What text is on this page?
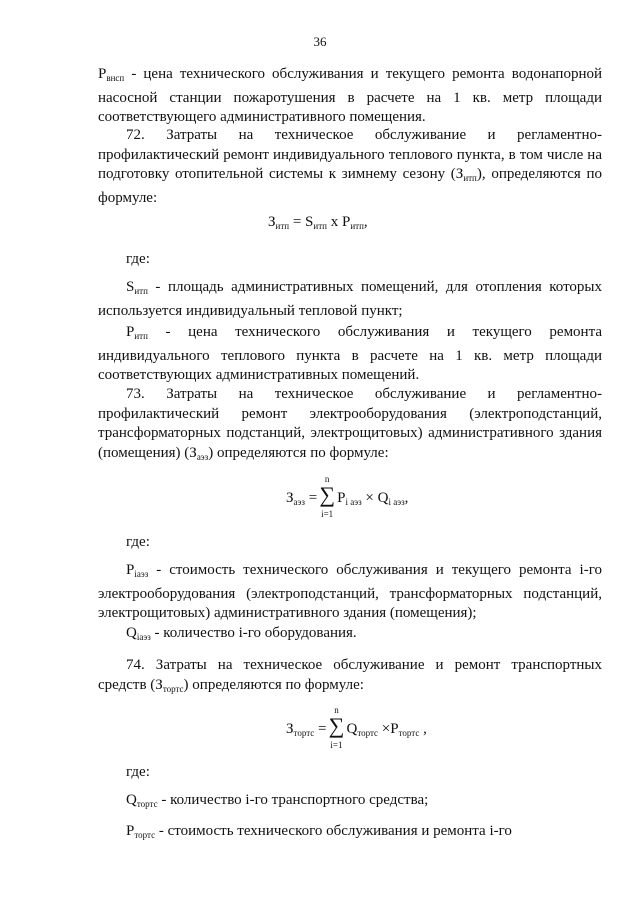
36

$P_{внсп}$ - цена технического обслуживания и текущего ремонта водонапорной насосной станции пожаротушения в расчете на 1 кв. метр площади соответствующего административного помещения.

72. Затраты на техническое обслуживание и регламентно-профилактический ремонт индивидуального теплового пункта, в том числе на подготовку отопительной системы к зимнему сезону $(З_{итп})$, определяются по формуле:

$З_{итп} = S_{итп}$ x $P_{итп}$,
где:

$S_{итп}$ - площадь административных помещений, для отопления которых используется индивидуальный тепловой пункт;

$P_{итп}$ - цена технического обслуживания и текущего ремонта индивидуального теплового пункта в расчете на 1 кв. метр площади соответствующих административных помещений.

73. Затраты на техническое обслуживание и регламентно-профилактический ремонт электрооборудования (электроподстанций, трансформаторных подстанций, электрощитовых) административного здания (помещения) $(З_{аэз})$ определяются по формуле:

$З_{аэз}$ =
n
∑
i=1
$P_{i аэз} \times Q_{i аэз}$,
где:

$P_{iаэз}$ - стоимость технического обслуживания и текущего ремонта i-го электрооборудования (электроподстанций, трансформаторных подстанций, электрощитовых) административного здания (помещения);

$Q_{iаэз}$ - количество i-го оборудования.

74. Затраты на техническое обслуживание и ремонт транспортных средств $(З_{тортс})$ определяются по формуле:

$З_{тортс}$ =
n
∑
i=1
$Q_{тортс} \times P_{тортс}$ ,
где:

$Q_{тортс}$ - количество i-го транспортного средства;

$P_{тортс}$ - стоимость технического обслуживания и ремонта i-го
